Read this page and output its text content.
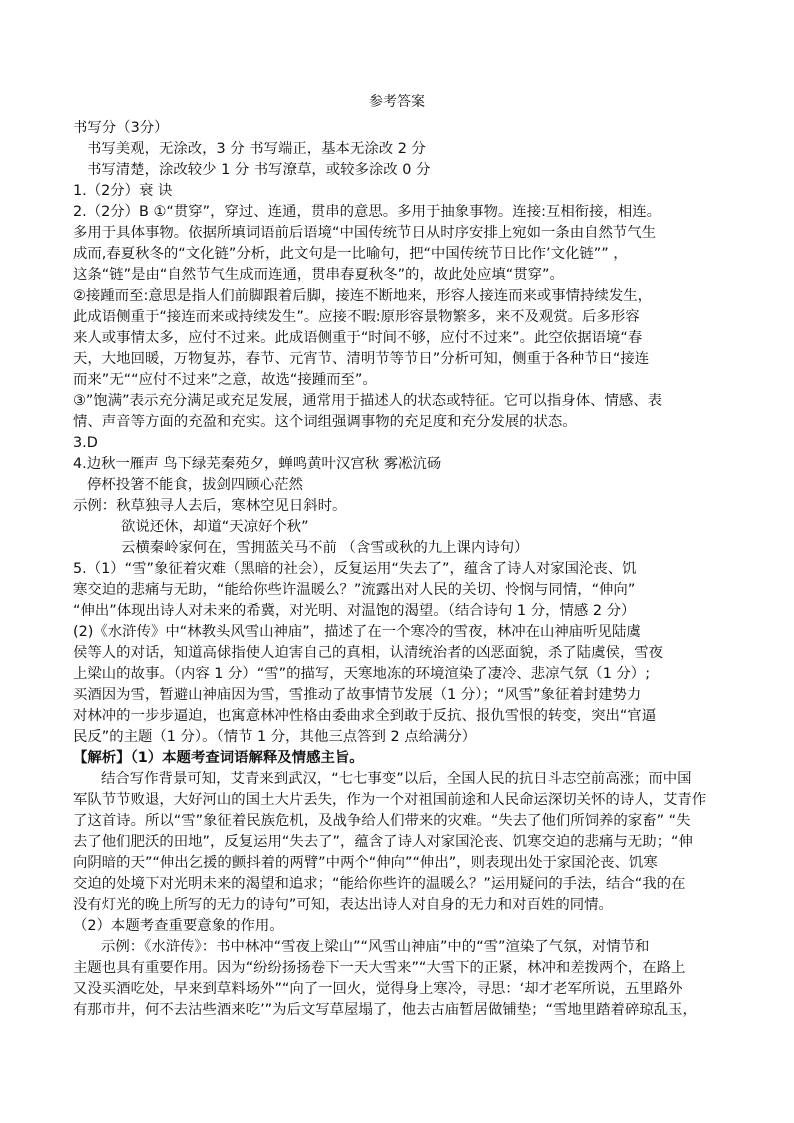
参考答案
书写分（3分）
书写美观，无涂改，3 分 书写端正，基本无涂改 2 分
书写清楚，涂改较少 1 分 书写潦草，或较多涂改 0 分
1.（2分）衰 诀
2.（2分）B ①“贯穿”，穿过、连通，贯串的意思。多用于抽象事物。连接:互相衔接，相连。
多用于具体事物。依据所填词语前后语境“中国传统节日从时序安排上宛如一条由自然节气生
成而,春夏秋冬的“文化链”分析，此文句是一比喻句，把“中国传统节日比作’文化链”” ，
这条“链”是由“自然节气生成而连通，贯串春夏秋冬”的，故此处应填“贯穿”。
②接踵而至:意思是指人们前脚跟着后脚，接连不断地来，形容人接连而来或事情持续发生，
此成语侧重于“接连而来或持续发生”。应接不暇:原形容景物繁多，来不及观赏。后多形容
来人或事情太多，应付不过来。此成语侧重于“时间不够，应付不过来”。此空依据语境“春
天，大地回暖，万物复苏，春节、元宵节、清明节等节日”分析可知，侧重于各种节日“接连
而来”无““应付不过来”之意，故选“接踵而至”。
③”饱满”表示充分满足或充足发展，通常用于描述人的状态或特征。它可以指身体、情感、表
情、声音等方面的充盈和充实。这个词组强调事物的充足度和充分发展的状态。
3.D
4.边秋一雁声 鸟下绿芜秦苑夕，蝉鸣黄叶汉宫秋 雾凇沆砀
停杯投箸不能食，拔剑四顾心茫然
示例：秋草独寻人去后，寒林空见日斜时。
欲说还休，却道“天凉好个秋”
云横秦岭家何在，雪拥蓝关马不前 （含雪或秋的九上课内诗句）
5.（1）“雪”象征着灾难（黑暗的社会），反复运用“失去了”，蕴含了诗人对家国沦丧、饥
寒交迫的悲痛与无助，“能给你些许温暖么？”流露出对人民的关切、怜悯与同情，“伸向”
“伸出”体现出诗人对未来的希冀，对光明、对温饱的渴望。（结合诗句 1 分，情感 2 分）
(2)《水浒传》中“林教头风雪山神庙”，描述了在一个寒冷的雪夜，林冲在山神庙听见陆虞
侯等人的对话，知道高俅指使人迫害自己的真相，认清统治者的凶恶面貌，杀了陆虞侯，雪夜
上梁山的故事。（内容 1 分）“雪”的描写，天寒地冻的环境渲染了凄冷、悲凉气氛（1 分）;
买酒因为雪，暂避山神庙因为雪，雪推动了故事情节发展（1 分）；“风雪”象征着封建势力
对林冲的一步步逼迫，也寓意林冲性格由委曲求全到敢于反抗、报仇雪恨的转变，突出“官逼
民反”的主题（1 分）。（情节 1 分，其他三点答到 2 点给满分）
【解析】（1）本题考查词语解释及情感主旨。
结合写作背景可知，艾青来到武汉，“七七事变”以后，全国人民的抗日斗志空前高涨；而中国
军队节节败退，大好河山的国土大片丢失，作为一个对祖国前途和人民命运深切关怀的诗人，艾青作
了这首诗。所以“雪”象征着民族危机，及战争给人们带来的灾难。“失去了他们所饲养的家畜” “失
去了他们肥沃的田地”，反复运用“失去了”，蕴含了诗人对家国沦丧、饥寒交迫的悲痛与无助；“伸
向阴暗的天”“伸出乞援的颤抖着的两臂”中两个“伸向”“伸出”，则表现出处于家国沦丧、饥寒
交迫的处境下对光明未来的渴望和追求；“能给你些许的温暖么？”运用疑问的手法，结合“我的在
没有灯光的晚上所写的无力的诗句”可知，表达出诗人对自身的无力和对百姓的同情。
（2）本题考查重要意象的作用。
示例：《水浒传》：书中林冲“雪夜上梁山”“风雪山神庙”中的“雪”渲染了气氛，对情节和
主题也具有重要作用。因为“纷纷扬扬卷下一天大雪来”“大雪下的正紧，林冲和差拨两个，在路上
又没买酒吃处，早来到草料场外”“向了一回火，觉得身上寒冷，寻思：‘却才老军所说，五里路外
有那市井，何不去沽些酒来吃’”为后文写草屋塌了，他去古庙暂居做铺垫；“雪地里踏着碎琼乱玉，
